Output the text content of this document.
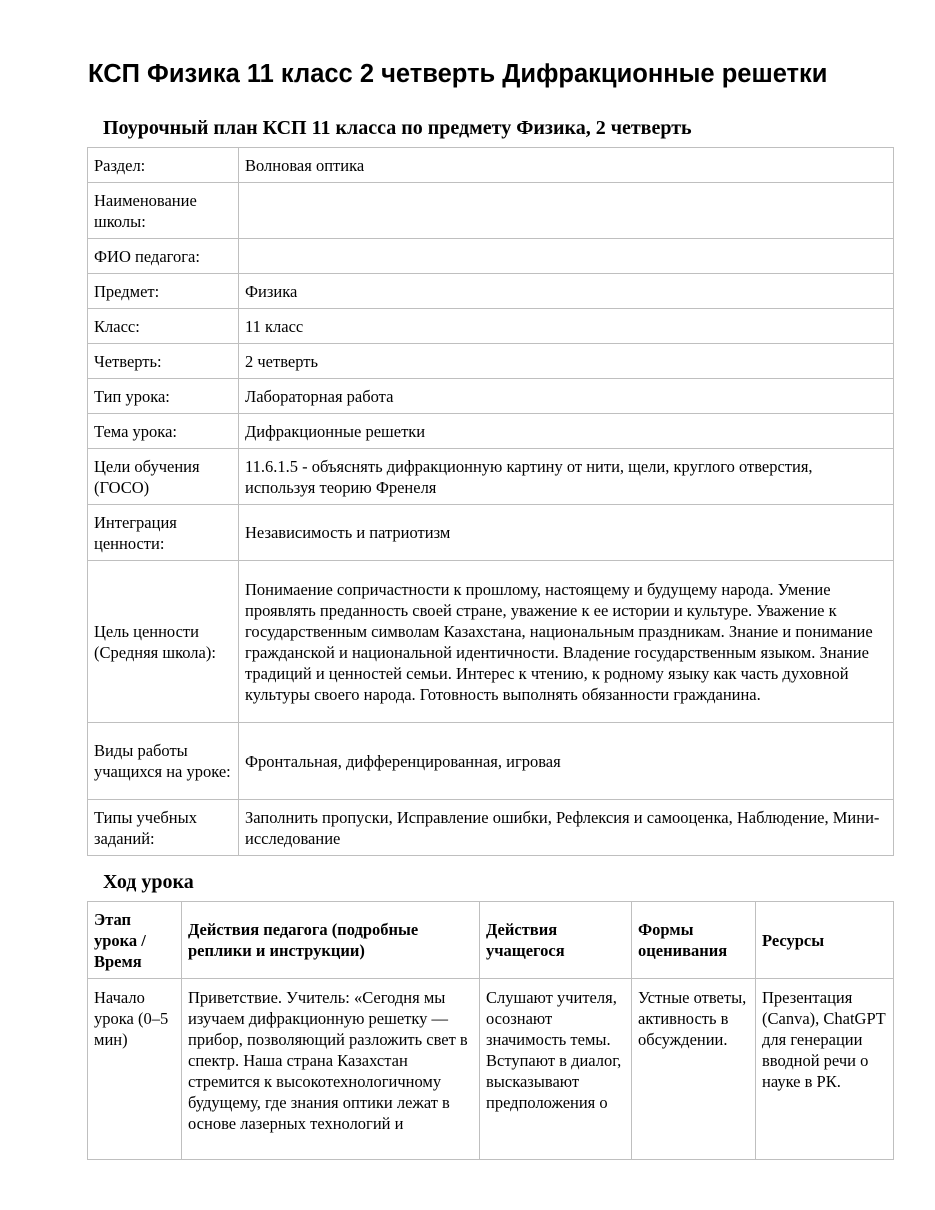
КСП Физика 11 класс 2 четверть Дифракционные решетки
Поурочный план КСП 11 класса по предмету Физика, 2 четверть
Раздел:	Волновая оптика
Наименование школы:	
ФИО педагога:	
Предмет:	Физика
Класс:	11 класс
Четверть:	2 четверть
Тип урока:	Лабораторная работа
Тема урока:	Дифракционные решетки
Цели обучения (ГОСО)	11.6.1.5 - объяснять дифракционную картину от нити, щели, круглого отверстия, используя теорию Френеля
Интеграция ценности:	Независимость и патриотизм
Цель ценности (Средняя школа):	Понимаение сопричастности к прошлому, настоящему и будущему народа. Умение проявлять преданность своей стране, уважение к ее истории и культуре. Уважение к государственным символам Казахстана, национальным праздникам. Знание и понимание гражданской и национальной идентичности. Владение государственным языком. Знание традиций и ценностей семьи. Интерес к чтению, к родному языку как часть духовной культуры своего народа. Готовность выполнять обязанности гражданина.
Виды работы учащихся на уроке:	Фронтальная, дифференцированная, игровая
Типы учебных заданий:	Заполнить пропуски, Исправление ошибки, Рефлексия и самооценка, Наблюдение, Мини-исследование
Ход урока
Этап урока / Время	Действия педагога (подробные реплики и инструкции)	Действия учащегося	Формы оценивания	Ресурсы
Начало урока (0–5 мин)	Приветствие. Учитель: «Сегодня мы изучаем дифракционную решетку — прибор, позволяющий разложить свет в спектр. Наша страна Казахстан стремится к высокотехнологичному будущему, где знания оптики лежат в основе лазерных технологий и	Слушают учителя, осознают значимость темы. Вступают в диалог, высказывают предположения о	Устные ответы, активность в обсуждении.	Презентация (Canva), ChatGPT для генерации вводной речи о науке в РК.
